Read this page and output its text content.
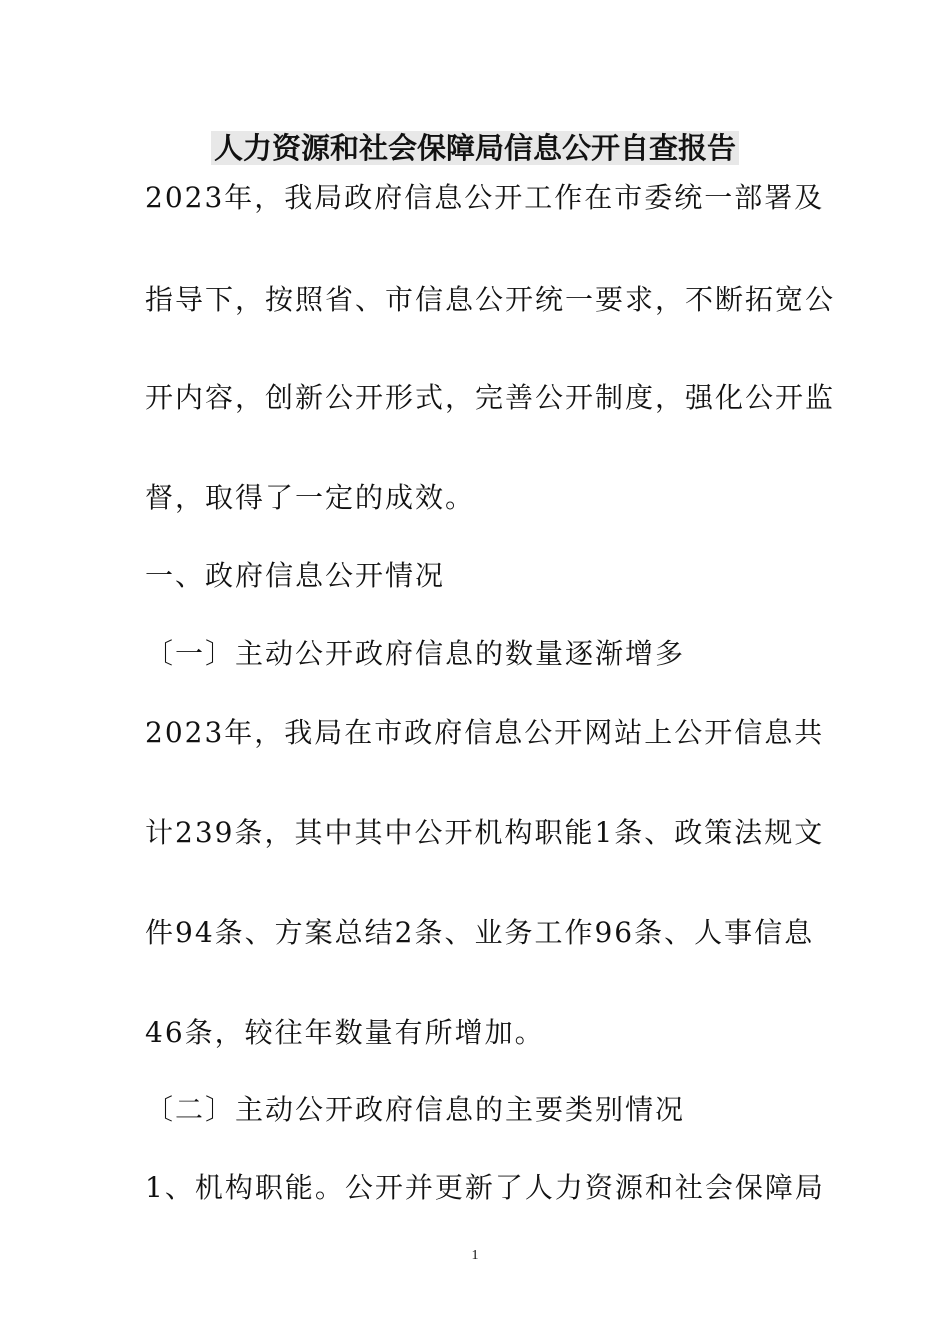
人力资源和社会保障局信息公开自查报告
2023年，我局政府信息公开工作在市委统一部署及
指导下，按照省、市信息公开统一要求，不断拓宽公
开内容，创新公开形式，完善公开制度，强化公开监
督，取得了一定的成效。
一、政府信息公开情况
〔一〕主动公开政府信息的数量逐渐增多
2023年，我局在市政府信息公开网站上公开信息共
计239条，其中其中公开机构职能1条、政策法规文
件94条、方案总结2条、业务工作96条、人事信息
46条，较往年数量有所增加。
〔二〕主动公开政府信息的主要类别情况
1、机构职能。公开并更新了人力资源和社会保障局
1
